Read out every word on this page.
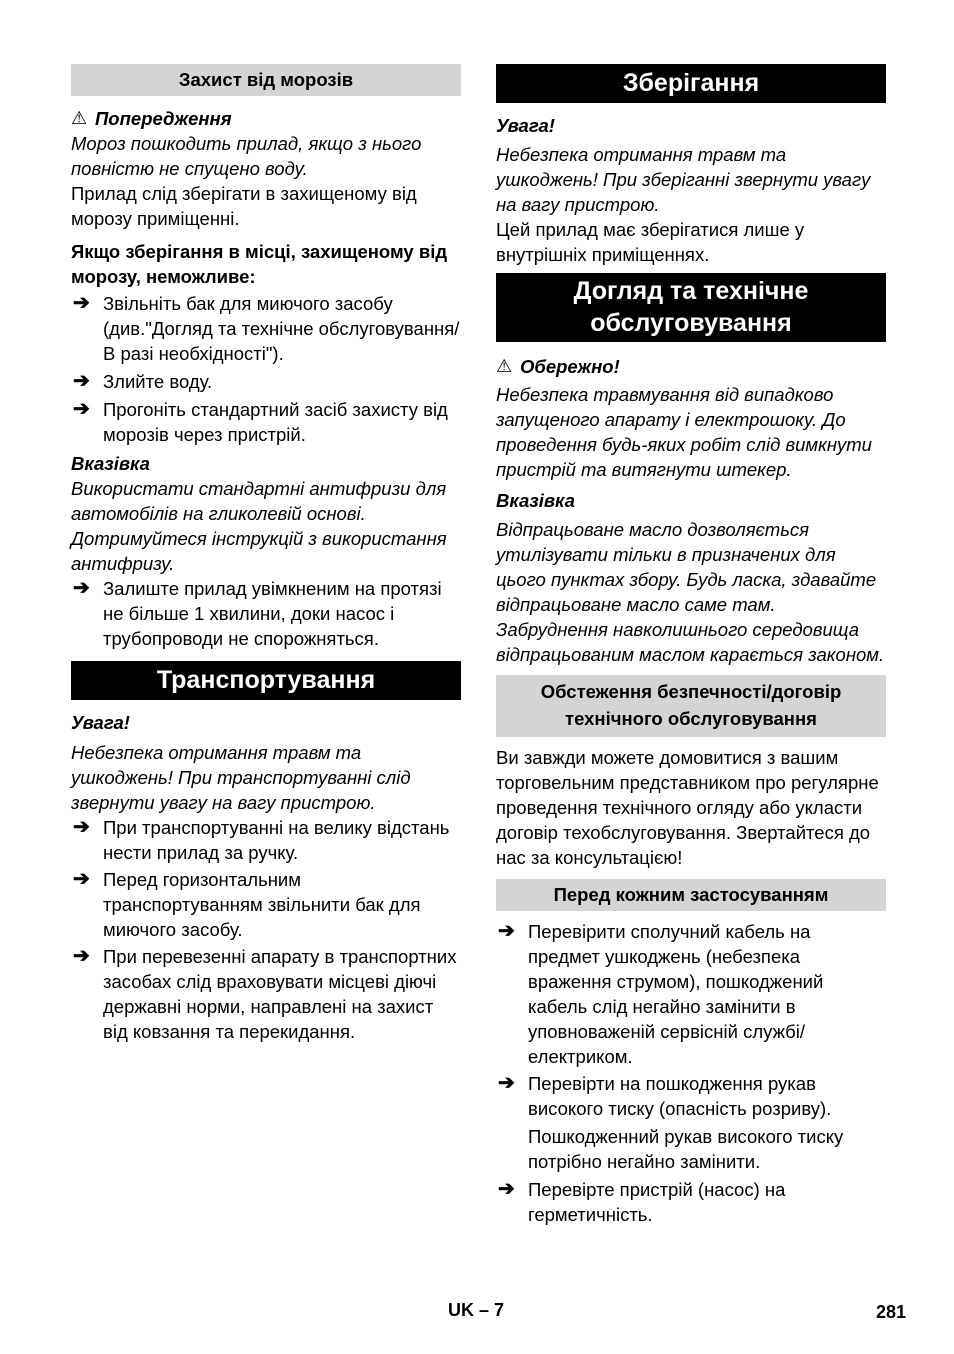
Захист від морозів

⚠ Попередження

Мороз пошкодить прилад, якщо з нього повністю не спущено воду.

Прилад слід зберігати в захищеному від морозу приміщенні.

Якщо зберігання в місці, захищеному від морозу, неможливе:

➔ Звільніть бак для миючого засобу (див."Догляд та технічне обслуговування/В разі необхідності").
➔ Злийте воду.
➔ Прогоніть стандартний засіб захисту від морозів через пристрій.

Вказівка

Використати стандартні антифризи для автомобілів на гликолевій основі. Дотримуйтеся інструкцій з використання антифризу.

➔ Залиште прилад увімкненим на протязі не більше 1 хвилини, доки насос і трубопроводи не спорожняться.
Транспортування

Увага!

Небезпека отримання травм та ушкоджень! При транспортуванні слід звернути увагу на вагу пристрою.

➔ При транспортуванні на велику відстань нести прилад за ручку.
➔ Перед горизонтальним транспортуванням звільнити бак для миючого засобу.
➔ При перевезенні апарату в транспортних засобах слід враховувати місцеві діючі державні норми, направлені на захист від ковзання та перекидання.
Зберігання

Увага!

Небезпека отримання травм та ушкоджень! При зберіганні звернути увагу на вагу пристрою.

Цей прилад має зберігатися лише у внутрішніх приміщеннях.

Догляд та технічне обслуговування

⚠ Обережно!

Небезпека травмування від випадково запущеного апарату і електрошоку. До проведення будь-яких робіт слід вимкнути пристрій та витягнути штекер.

Вказівка

Відпрацьоване масло дозволяється утилізувати тільки в призначених для цього пунктах збору. Будь ласка, здавайте відпрацьоване масло саме там. Забруднення навколишнього середовища відпрацьованим маслом карається законом.

Обстеження безпечності/договір технічного обслуговування

Ви завжди можете домовитися з вашим торговельним представником про регулярне проведення технічного огляду або укласти договір техобслуговування. Звертайтеся до нас за консультацією!

Перед кожним застосуванням
➔ Перевірити сполучний кабель на предмет ушкоджень (небезпека враження струмом), пошкоджений кабель слід негайно замінити в уповноваженій сервісній службі/ електриком.
➔ Перевірти на пошкодження рукав високого тиску (опасність розриву).

Пошкодженний рукав високого тиску потрібно негайно замінити.

➔ Перевірте пристрій (насос) на герметичність.
UK – 7	281
